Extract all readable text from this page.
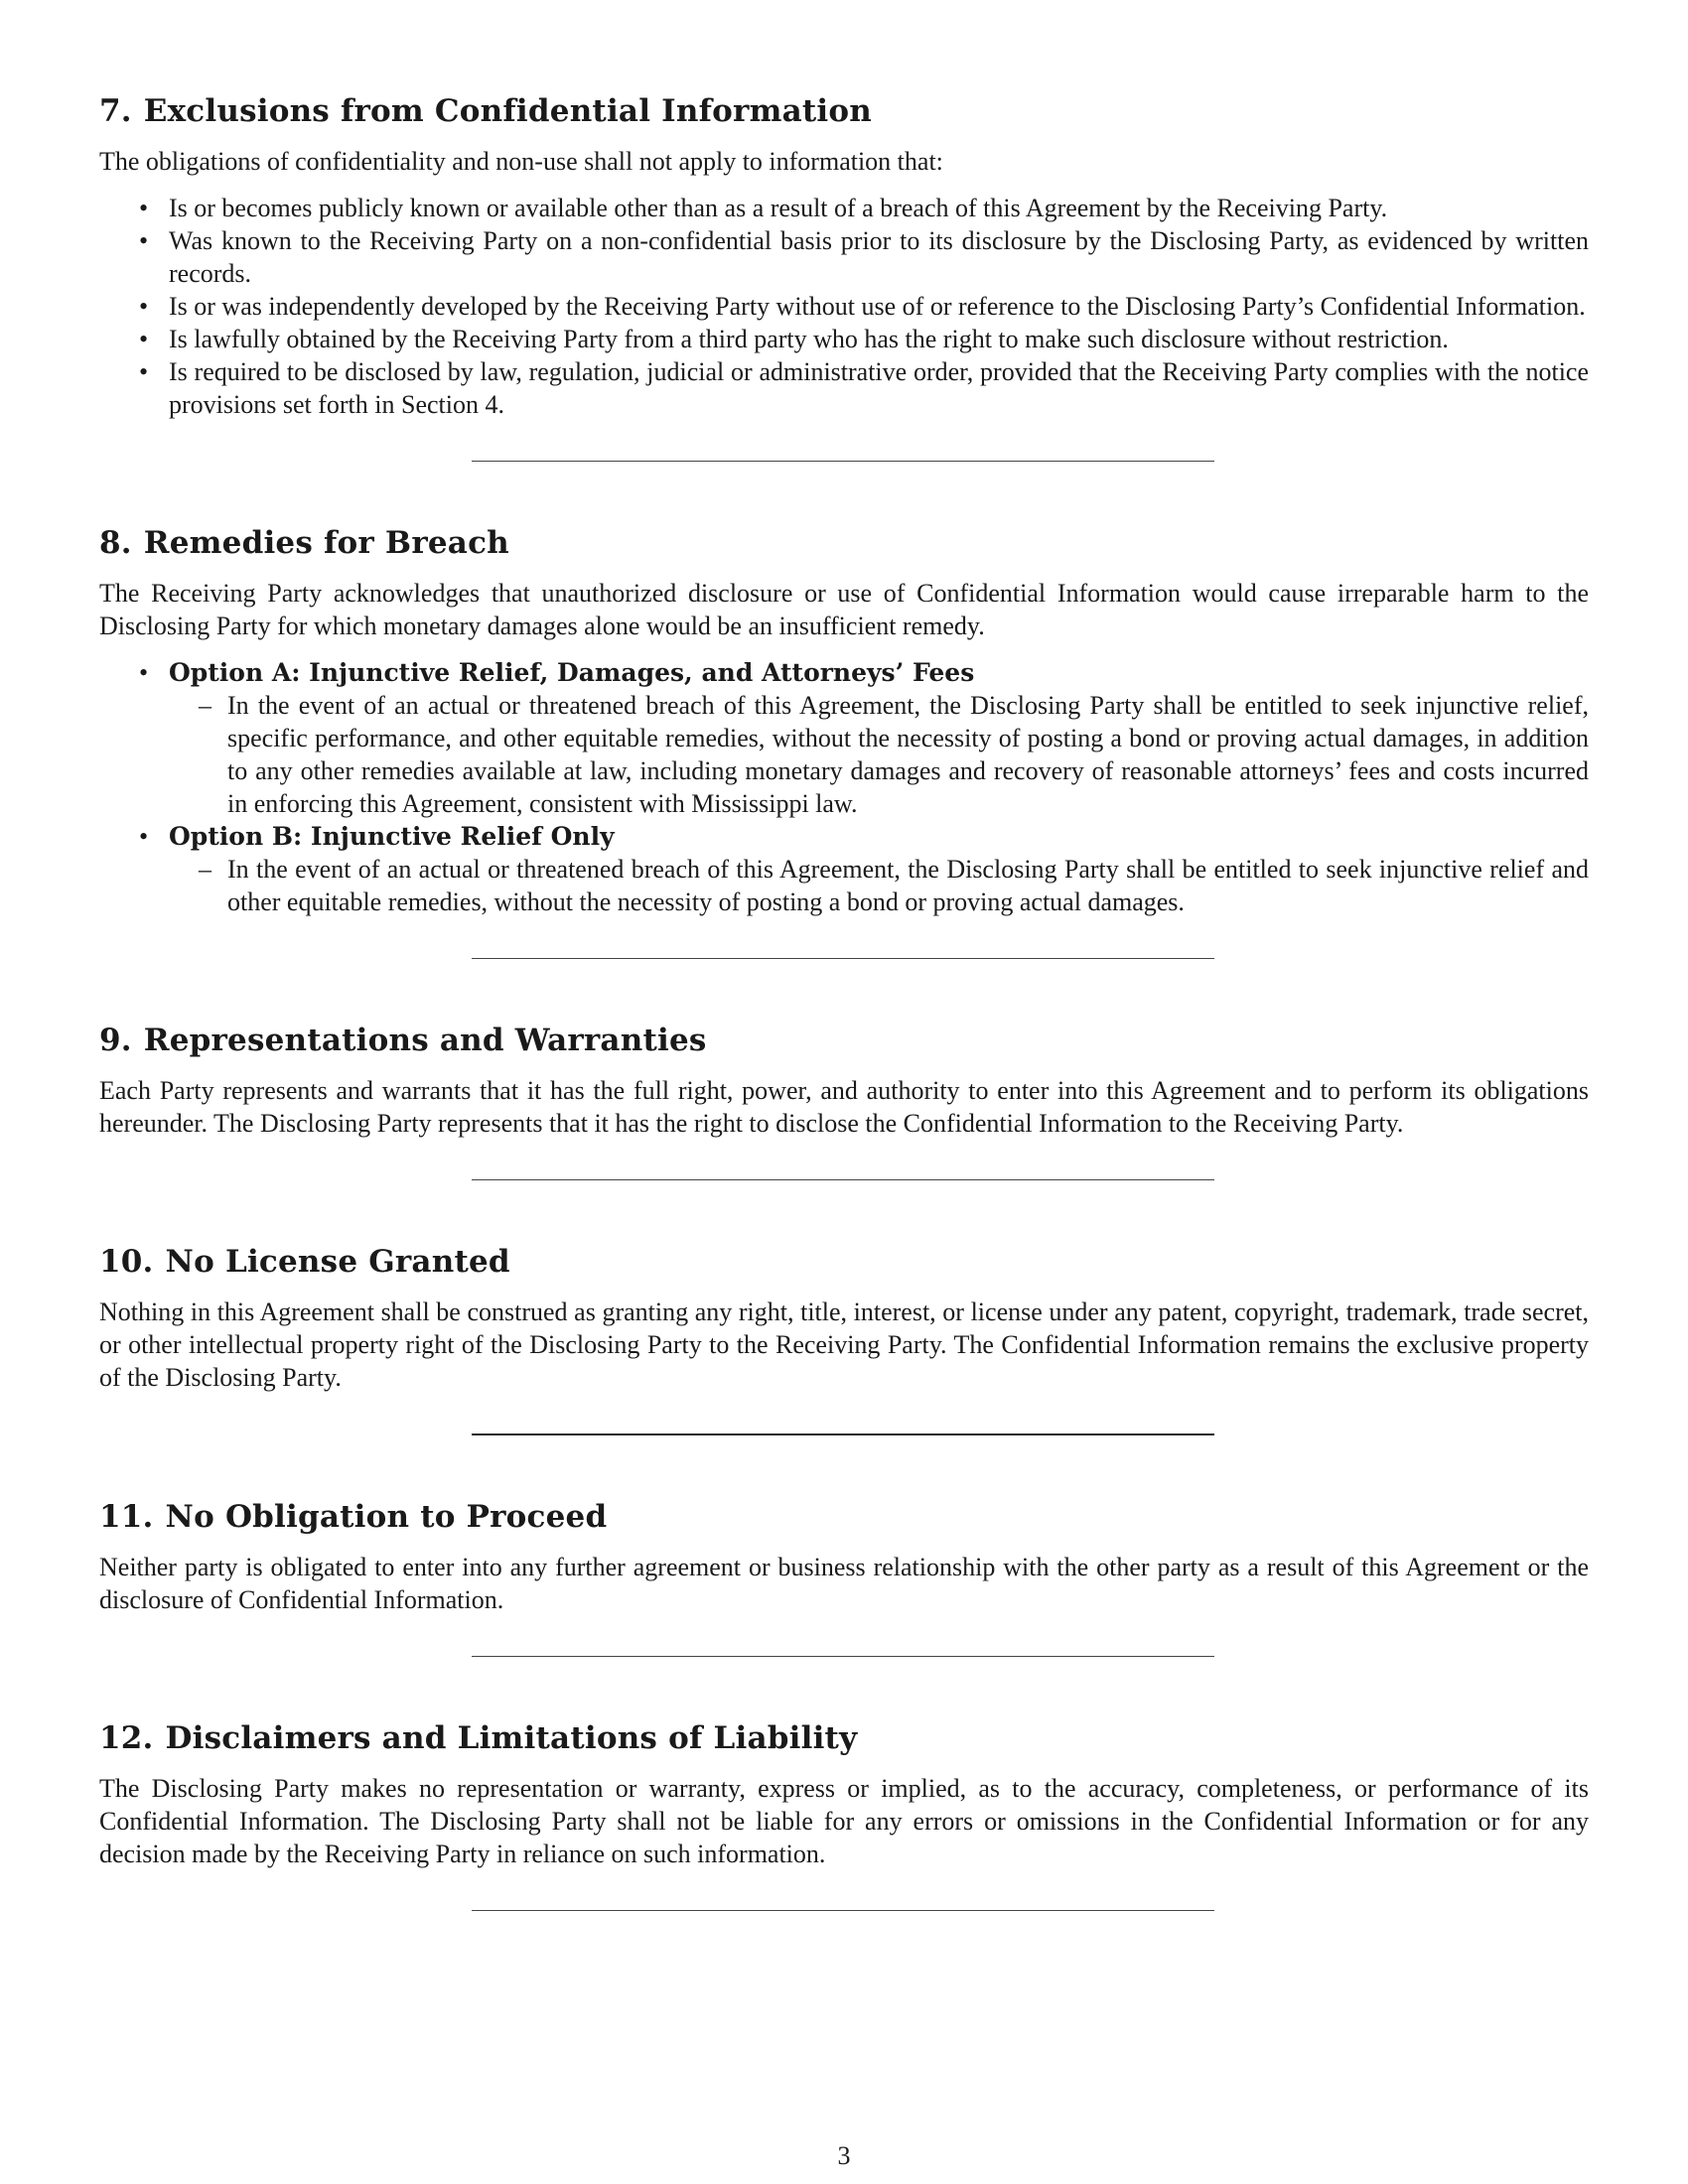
7. Exclusions from Confidential Information

The obligations of confidentiality and non-use shall not apply to information that:

• Is or becomes publicly known or available other than as a result of a breach of this Agreement by the Receiving Party.
• Was known to the Receiving Party on a non-confidential basis prior to its disclosure by the Disclosing Party, as evidenced by written records.
• Is or was independently developed by the Receiving Party without use of or reference to the Disclosing Party’s Confidential Information.
• Is lawfully obtained by the Receiving Party from a third party who has the right to make such disclosure without restriction.
• Is required to be disclosed by law, regulation, judicial or administrative order, provided that the Receiving Party complies with the notice provisions set forth in Section 4.
8. Remedies for Breach

The Receiving Party acknowledges that unauthorized disclosure or use of Confidential Information would cause irreparable harm to the Disclosing Party for which monetary damages alone would be an insufficient remedy.

• Option A: Injunctive Relief, Damages, and Attorneys’ Fees
– In the event of an actual or threatened breach of this Agreement, the Disclosing Party shall be entitled to seek injunctive relief, specific performance, and other equitable remedies, without the necessity of posting a bond or proving actual damages, in addition to any other remedies available at law, including monetary damages and recovery of reasonable attorneys’ fees and costs incurred in enforcing this Agreement, consistent with Mississippi law.
• Option B: Injunctive Relief Only
– In the event of an actual or threatened breach of this Agreement, the Disclosing Party shall be entitled to seek injunctive relief and other equitable remedies, without the necessity of posting a bond or proving actual damages.
9. Representations and Warranties

Each Party represents and warrants that it has the full right, power, and authority to enter into this Agreement and to perform its obligations hereunder. The Disclosing Party represents that it has the right to disclose the Confidential Information to the Receiving Party.

10. No License Granted

Nothing in this Agreement shall be construed as granting any right, title, interest, or license under any patent, copyright, trademark, trade secret, or other intellectual property right of the Disclosing Party to the Receiving Party. The Confidential Information remains the exclusive property of the Disclosing Party.

11. No Obligation to Proceed

Neither party is obligated to enter into any further agreement or business relationship with the other party as a result of this Agreement or the disclosure of Confidential Information.

12. Disclaimers and Limitations of Liability

The Disclosing Party makes no representation or warranty, express or implied, as to the accuracy, completeness, or performance of its Confidential Information. The Disclosing Party shall not be liable for any errors or omissions in the Confidential Information or for any decision made by the Receiving Party in reliance on such information.

3
